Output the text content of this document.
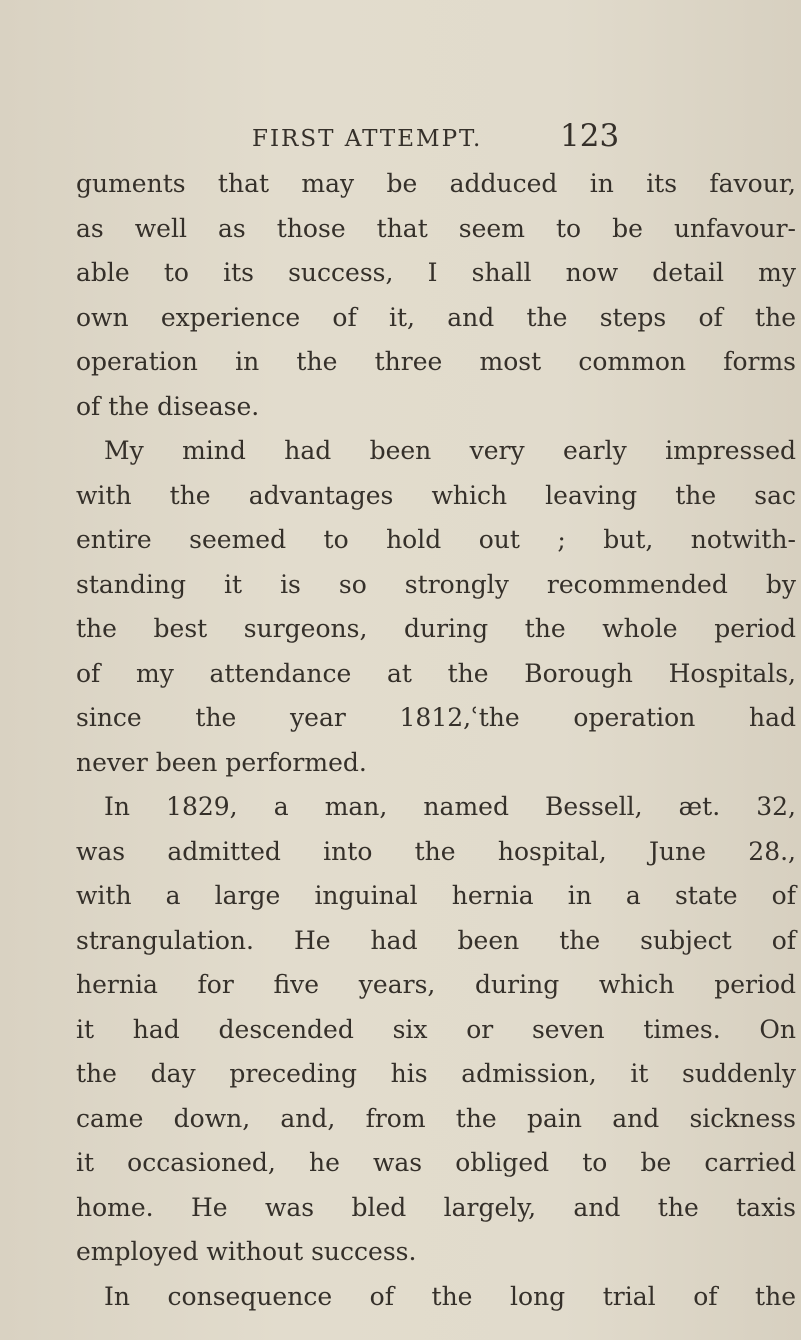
FIRST ATTEMPT.	123
guments that may be adduced in its favour,
as well as those that seem to be unfavour-
able to its success, I shall now detail my
own experience of it, and the steps of the
operation in the three most common forms
of the disease.
My mind had been very early impressed
with the advantages which leaving the sac
entire seemed to hold out ; but, notwith-
standing it is so strongly recommended by
the best surgeons, during the whole period
of my attendance at the Borough Hospitals,
since the year 1812,ʿthe operation had
never been performed.
In 1829, a man, named Bessell, æt. 32,
was admitted into the hospital, June 28.,
with a large inguinal hernia in a state of
strangulation. He had been the subject of
hernia for five years, during which period
it had descended six or seven times. On
the day preceding his admission, it suddenly
came down, and, from the pain and sickness
it occasioned, he was obliged to be carried
home. He was bled largely, and the taxis
employed without success.
In consequence of the long trial of the
